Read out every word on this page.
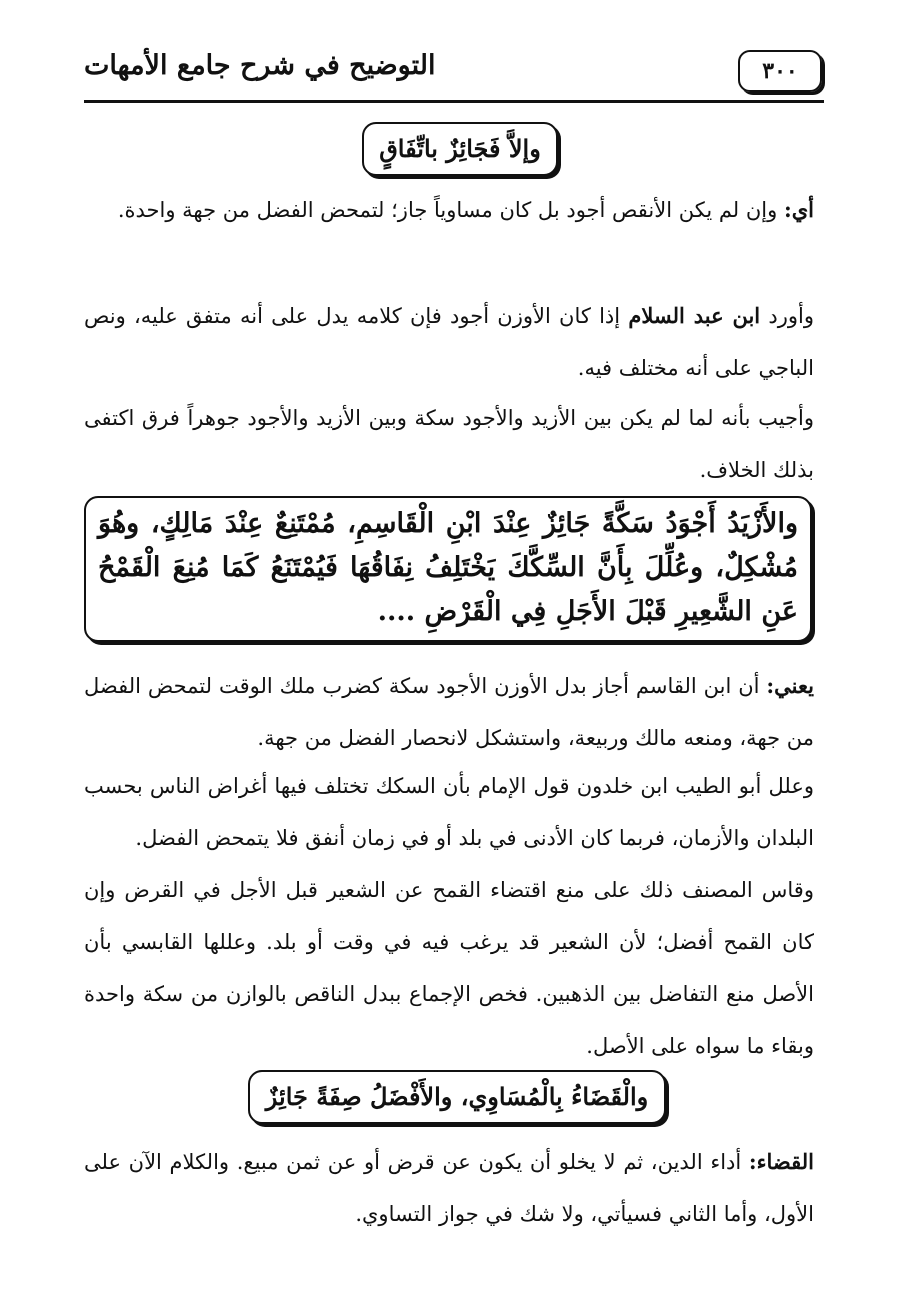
التوضيح في شرح جامع الأمهات	٣٠٠
وإلاَّ فَجَائِزٌ باتِّفَاقٍ
أي: وإن لم يكن الأنقص أجود بل كان مساوياً جاز؛ لتمحض الفضل من جهة واحدة.
وأورد ابن عبد السلام إذا كان الأوزن أجود فإن كلامه يدل على أنه متفق عليه، ونص الباجي على أنه مختلف فيه.
وأجيب بأنه لما لم يكن بين الأزيد والأجود سكة وبين الأزيد والأجود جوهراً فرق اكتفى بذلك الخلاف.
والأَزْيَدُ أَجْوَدُ سَكَّةً جَائِزٌ عِنْدَ ابْنِ الْقَاسِمِ، مُمْتَنِعٌ عِنْدَ مَالِكٍ، وهُوَ مُشْكِلٌ، وعُلِّلَ بِأَنَّ السِّكَّكَ يَخْتَلِفُ نِفَاقُهَا فَيُمْتَنَعُ كَمَا مُنِعَ الْقَمْحُ عَنِ الشَّعِيرِ قَبْلَ الأَجَلِ فِي الْقَرْضِ ....
يعني: أن ابن القاسم أجاز بدل الأوزن الأجود سكة كضرب ملك الوقت لتمحض الفضل من جهة، ومنعه مالك وربيعة، واستشكل لانحصار الفضل من جهة.
وعلل أبو الطيب ابن خلدون قول الإمام بأن السكك تختلف فيها أغراض الناس بحسب البلدان والأزمان، فربما كان الأدنى في بلد أو في زمان أنفق فلا يتمحض الفضل.
وقاس المصنف ذلك على منع اقتضاء القمح عن الشعير قبل الأجل في القرض وإن كان القمح أفضل؛ لأن الشعير قد يرغب فيه في وقت أو بلد. وعللها القابسي بأن الأصل منع التفاضل بين الذهبين. فخص الإجماع ببدل الناقص بالوازن من سكة واحدة وبقاء ما سواه على الأصل.
والْقَضَاءُ بِالْمُسَاوِي، والأَفْضَلُ صِفَةً جَائِزٌ
القضاء: أداء الدين، ثم لا يخلو أن يكون عن قرض أو عن ثمن مبيع. والكلام الآن على الأول، وأما الثاني فسيأتي، ولا شك في جواز التساوي.
